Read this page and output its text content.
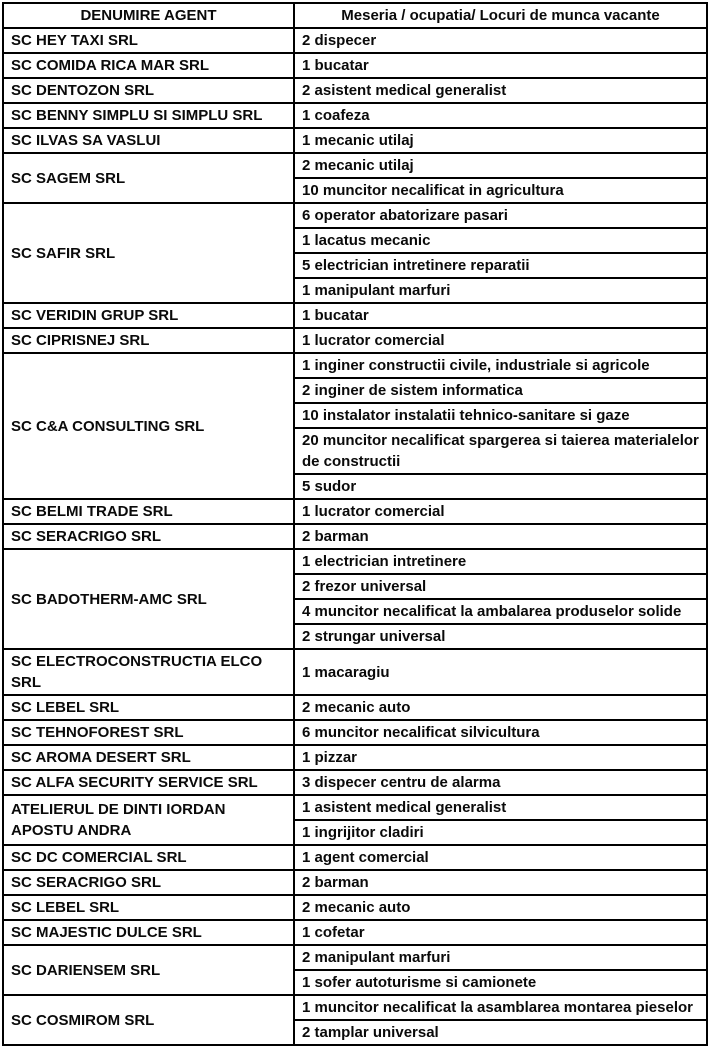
DENUMIRE AGENT	Meseria / ocupatia/ Locuri de munca vacante
SC HEY TAXI SRL	2 dispecer
SC COMIDA RICA MAR SRL	1 bucatar
SC DENTOZON SRL	2 asistent medical generalist
SC BENNY SIMPLU SI SIMPLU SRL	1 coafeza
SC ILVAS SA VASLUI	1 mecanic utilaj
SC SAGEM SRL	2 mecanic utilaj
	10 muncitor necalificat in agricultura
SC SAFIR SRL	6 operator abatorizare pasari
	1 lacatus mecanic
	5 electrician intretinere reparatii
	1 manipulant marfuri
SC VERIDIN GRUP SRL	1 bucatar
SC CIPRISNEJ SRL	1 lucrator comercial
SC C&A CONSULTING SRL	1 inginer constructii civile, industriale si agricole
	2 inginer de sistem informatica
	10 instalator instalatii tehnico-sanitare si gaze
	20 muncitor necalificat spargerea si taierea materialelor de constructii
	5 sudor
SC BELMI TRADE SRL	1 lucrator comercial
SC SERACRIGO SRL	2 barman
SC BADOTHERM-AMC SRL	1 electrician intretinere
	2 frezor universal
	4 muncitor necalificat la ambalarea produselor solide
	2 strungar universal
SC ELECTROCONSTRUCTIA ELCO SRL	1 macaragiu
SC LEBEL SRL	2 mecanic auto
SC TEHNOFOREST SRL	6 muncitor necalificat silvicultura
SC AROMA DESERT SRL	1 pizzar
SC ALFA SECURITY SERVICE SRL	3 dispecer centru de alarma
ATELIERUL DE DINTI IORDAN APOSTU ANDRA	1 asistent medical generalist
	1 ingrijitor cladiri
SC DC COMERCIAL SRL	1 agent comercial
SC SERACRIGO SRL	2 barman
SC LEBEL SRL	2 mecanic auto
SC MAJESTIC DULCE SRL	1 cofetar
SC DARIENSEM SRL	2 manipulant marfuri
	1 sofer autoturisme si camionete
SC COSMIROM SRL	1 muncitor necalificat la asamblarea montarea pieselor
	2 tamplar universal
